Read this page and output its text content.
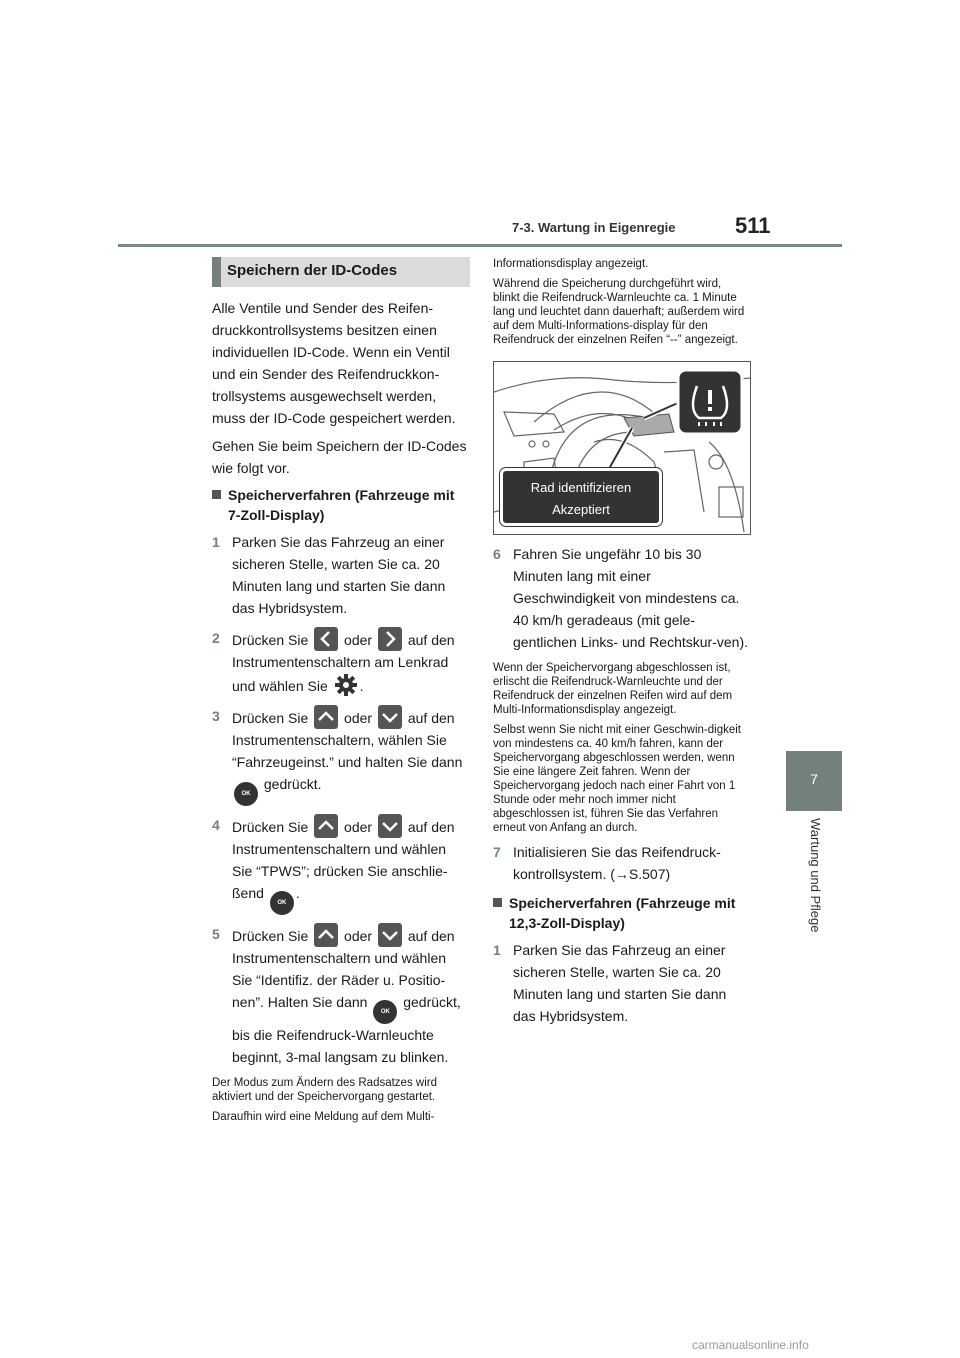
7-3. Wartung in Eigenregie	511
7
Wartung und Pflege
Speichern der ID-Codes

Alle Ventile und Sender des Reifen-druckkontrollsystems besitzen einen individuellen ID-Code. Wenn ein Ventil und ein Sender des Reifendruckkon-trollsystems ausgewechselt werden, muss der ID-Code gespeichert werden.

Gehen Sie beim Speichern der ID-Codes wie folgt vor.

Speicherverfahren (Fahrzeuge mit 7-Zoll-Display)
1 Parken Sie das Fahrzeug an einer sicheren Stelle, warten Sie ca. 20 Minuten lang und starten Sie dann das Hybridsystem.
2 Drücken Sie	oder	auf den Instrumentenschaltern am Lenkrad und wählen Sie .
3 Drücken Sie	oder	auf den Instrumentenschaltern, wählen Sie “Fahrzeugeinst.” und halten Sie dann OK gedrückt.
4 Drücken Sie	oder	auf den Instrumentenschaltern und wählen Sie “TPWS”; drücken Sie anschlie-ßend OK.
5 Drücken Sie	oder	auf den Instrumentenschaltern und wählen Sie “Identifiz. der Räder u. Positio-nen”. Halten Sie dann OK gedrückt, bis die Reifendruck-Warnleuchte beginnt, 3-mal langsam zu blinken.

Der Modus zum Ändern des Radsatzes wird aktiviert und der Speichervorgang gestartet.

Daraufhin wird eine Meldung auf dem Multi-

Informationsdisplay angezeigt.

Während die Speicherung durchgeführt wird, blinkt die Reifendruck-Warnleuchte ca. 1 Minute lang und leuchtet dann dauerhaft; außerdem wird auf dem Multi-Informations-display für den Reifendruck der einzelnen Reifen “--” angezeigt.

Rad identifizieren
Akzeptiert
6 Fahren Sie ungefähr 10 bis 30 Minuten lang mit einer Geschwindigkeit von mindestens ca. 40 km/h geradeaus (mit gele-gentlichen Links- und Rechtskur-ven).

Wenn der Speichervorgang abgeschlossen ist, erlischt die Reifendruck-Warnleuchte und der Reifendruck der einzelnen Reifen wird auf dem Multi-Informationsdisplay angezeigt.

Selbst wenn Sie nicht mit einer Geschwin-digkeit von mindestens ca. 40 km/h fahren, kann der Speichervorgang abgeschlossen werden, wenn Sie eine längere Zeit fahren. Wenn der Speichervorgang jedoch nach einer Fahrt von 1 Stunde oder mehr noch immer nicht abgeschlossen ist, führen Sie das Verfahren erneut von Anfang an durch.

7 Initialisieren Sie das Reifendruck-kontrollsystem. (→S.507)
Speicherverfahren (Fahrzeuge mit 12,3-Zoll-Display)
1 Parken Sie das Fahrzeug an einer sicheren Stelle, warten Sie ca. 20 Minuten lang und starten Sie dann das Hybridsystem.
carmanualsonline.info
